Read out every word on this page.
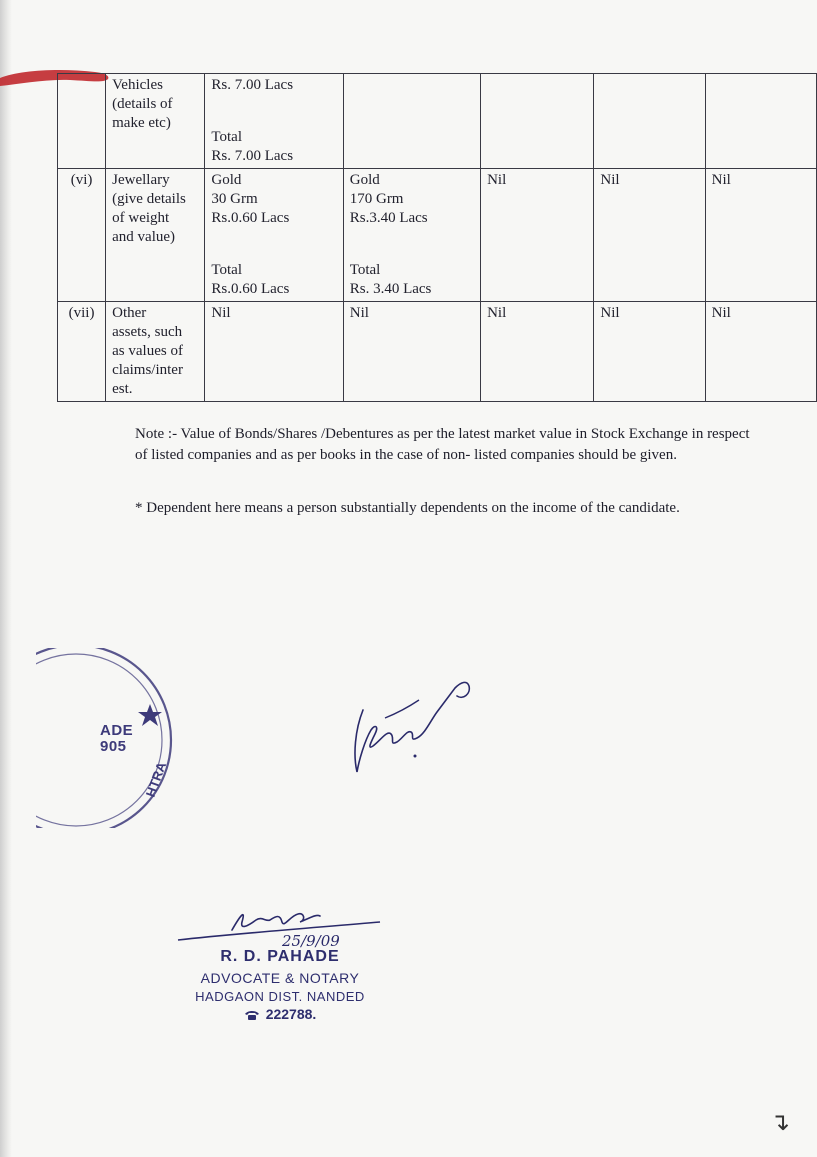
	Vehicles
(details of
make etc)	Rs. 7.00 Lacs
Total
Rs. 7.00 Lacs				

(vi)	Jewellary
(give details
of weight
and value)	Gold
30 Grm
Rs.0.60 Lacs
Total
Rs.0.60 Lacs	Gold
170 Grm
Rs.3.40 Lacs
Total
Rs. 3.40 Lacs	Nil	Nil	Nil
(vii)	Other
assets, such
as values of
claims/inter
est.	Nil	Nil	Nil	Nil	Nil
Note :- Value of Bonds/Shares /Debentures as per the latest market value in Stock Exchange in respect of listed companies and as per books in the case of non- listed companies should be given.
* Dependent here means a person substantially dependents on the income of the candidate.
HTRA
ADE
905
25/9/09
R. D. PAHADE
ADVOCATE & NOTARY
HADGAON DIST. NANDED
222788.
↴
